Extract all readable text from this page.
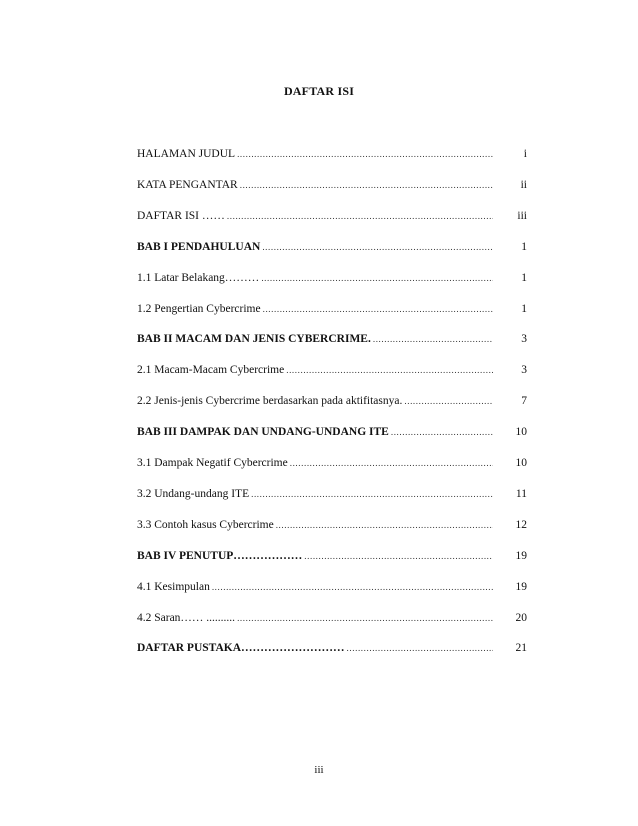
DAFTAR ISI
HALAMAN JUDUL .....	i
KATA PENGANTAR .....	ii
DAFTAR ISI …… .....	iii
BAB I PENDAHULUAN .....	1
1.1 Latar Belakang……… .....	1
1.2 Pengertian Cybercrime .....	1
BAB II MACAM DAN JENIS CYBERCRIME. .....	3
2.1 Macam-Macam Cybercrime .....	3
2.2 Jenis-jenis Cybercrime berdasarkan pada aktifitasnya. .....	7
BAB III DAMPAK DAN UNDANG-UNDANG ITE .....	10
3.1 Dampak Negatif Cybercrime .....	10
3.2 Undang-undang ITE .....	11
3.3 Contoh kasus Cybercrime .....	12
BAB IV PENUTUP……………… .....	19
4.1 Kesimpulan .....	19
4.2 Saran…… .......... .....	20
DAFTAR PUSTAKA……………………… .....	21
iii
